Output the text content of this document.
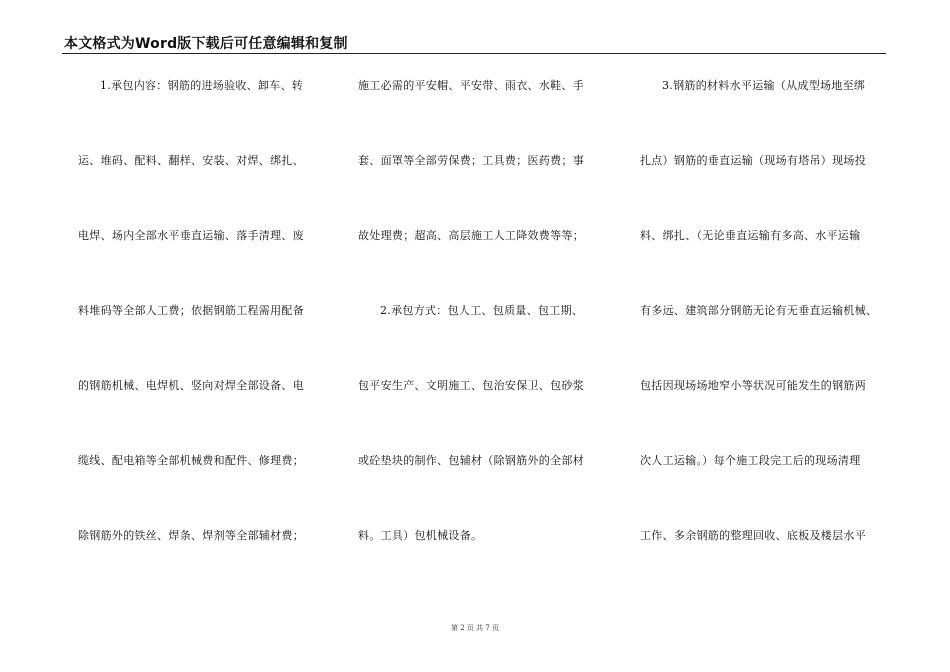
本文格式为Word版下载后可任意编辑和复制
1.承包内容：钢筋的进场验收、卸车、转
运、堆码、配料、翻样、安装、对焊、绑扎、
电焊、场内全部水平垂直运输、落手清理、废
料堆码等全部人工费；依据钢筋工程需用配备
的钢筋机械、电焊机、竖向对焊全部设备、电
缆线、配电箱等全部机械费和配件、修理费；
除钢筋外的铁丝、焊条、焊剂等全部辅材费；
施工必需的平安帽、平安带、雨衣、水鞋、手
套、面罩等全部劳保费；工具费；医药费；事
故处理费；超高、高层施工人工降效费等等；
2.承包方式：包人工、包质量、包工期、
包平安生产、文明施工、包治安保卫、包砂浆
或砼垫块的制作、包辅材（除钢筋外的全部材
料。工具）包机械设备。
3.钢筋的材料水平运输（从成型场地至绑
扎点）钢筋的垂直运输（现场有塔吊）现场投
料、绑扎、（无论垂直运输有多高、水平运输
有多远、建筑部分钢筋无论有无垂直运输机械、
包括因现场场地窄小等状况可能发生的钢筋两
次人工运输。）每个施工段完工后的现场清理
工作、多余钢筋的整理回收、底板及楼层水平
第 2 页 共 7 页
